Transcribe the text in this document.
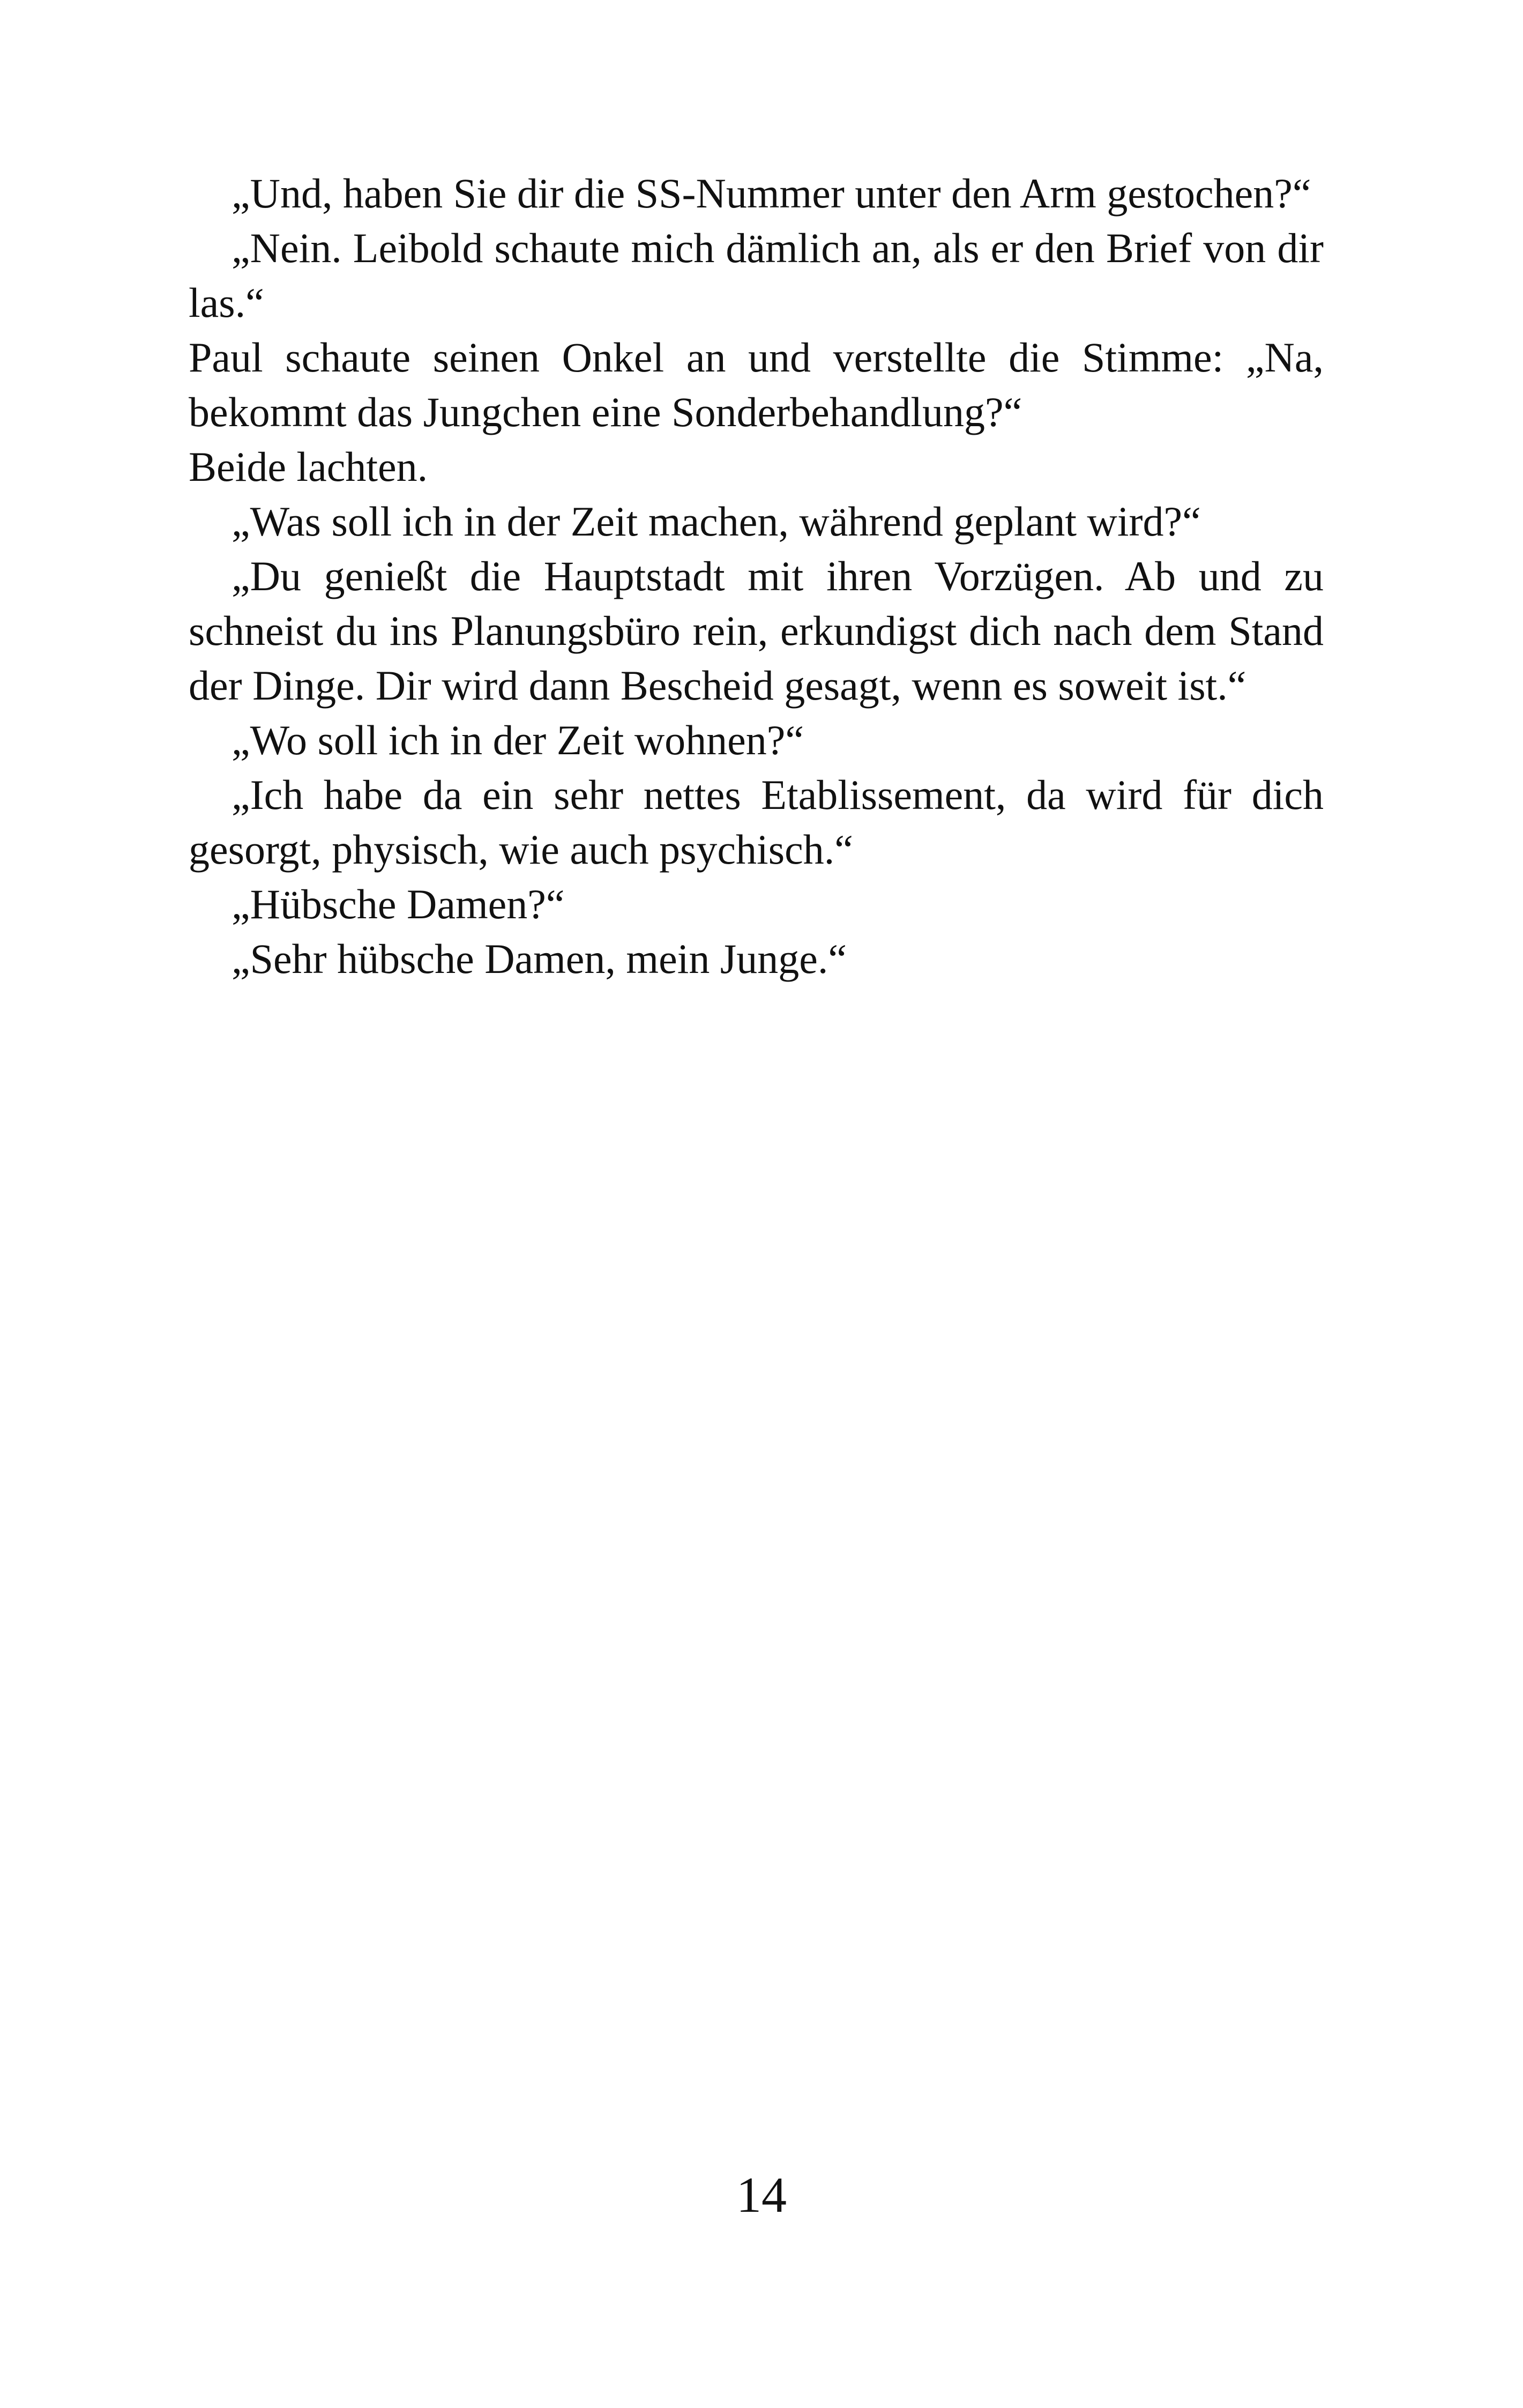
„Und, haben Sie dir die SS-Nummer unter den Arm gestochen?“

„Nein. Leibold schaute mich dämlich an, als er den Brief von dir las.“

Paul schaute seinen Onkel an und verstellte die Stimme: „Na, bekommt das Jungchen eine Sonderbehandlung?“

Beide lachten.

„Was soll ich in der Zeit machen, während geplant wird?“

„Du genießt die Hauptstadt mit ihren Vorzügen. Ab und zu schneist du ins Planungsbüro rein, erkundigst dich nach dem Stand der Dinge. Dir wird dann Bescheid gesagt, wenn es soweit ist.“

„Wo soll ich in der Zeit wohnen?“

„Ich habe da ein sehr nettes Etablissement, da wird für dich gesorgt, physisch, wie auch psychisch.“

„Hübsche Damen?“

„Sehr hübsche Damen, mein Junge.“

14
